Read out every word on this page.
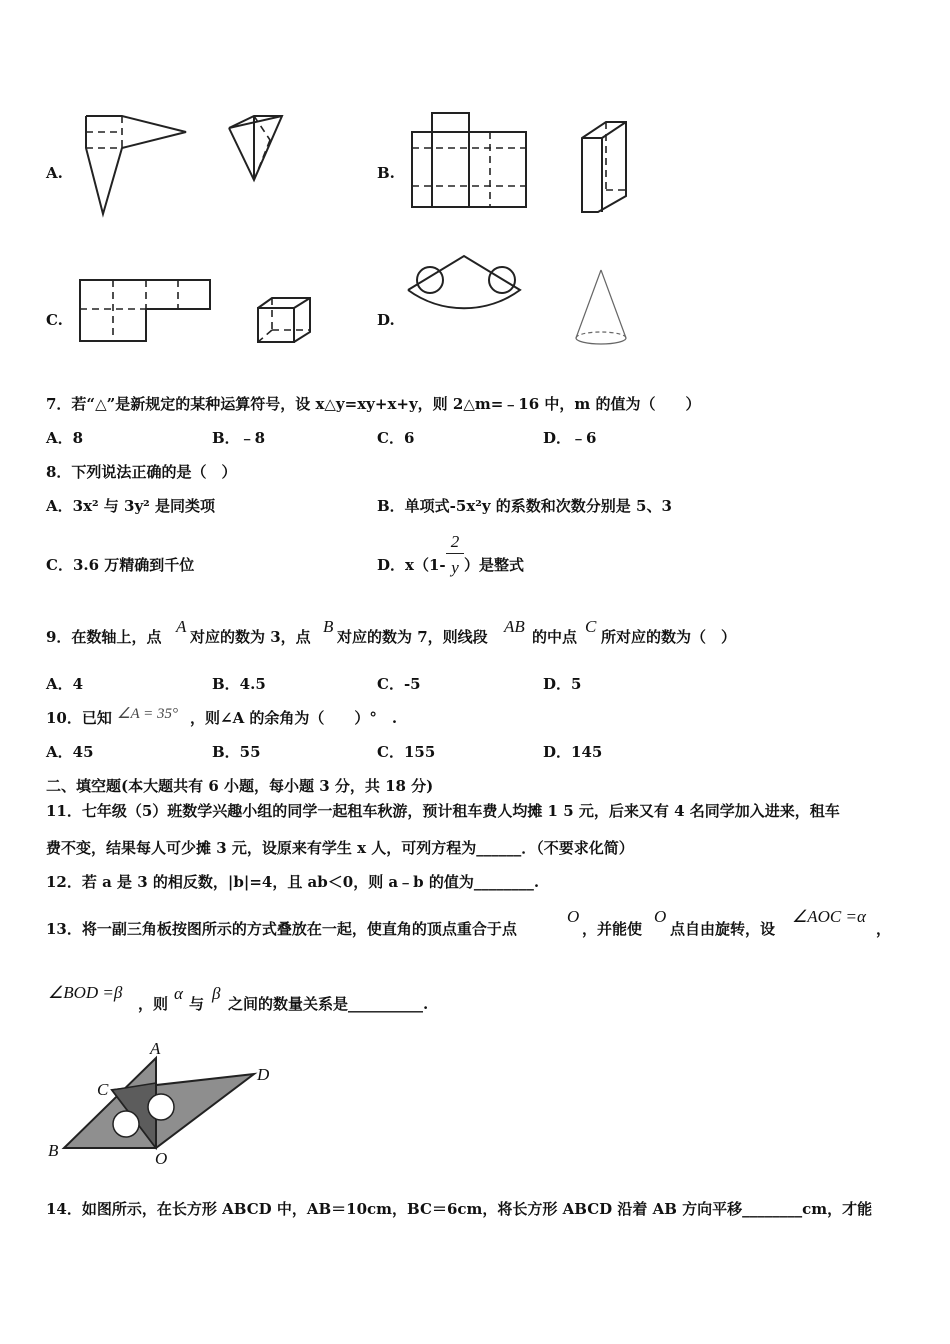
A.	B.
C.	D.
7．若“△”是新规定的某种运算符号，设 x△y=xy+x+y，则 2△m=﹣16 中，m 的值为（　　）
A．8	B．﹣8	C．6	D．﹣6
8．下列说法正确的是（　）
A．3x² 与 3y² 是同类项	B．单项式-5x²y 的系数和次数分别是 5、3
C．3.6 万精确到千位	D．x（1-
2
y ）是整式
9．在数轴上，点
A
对应的数为 3，点
B
对应的数为 7，则线段
AB
的中点
C
所对应的数为（　）
A．4	B．4.5	C．-5	D．5
10．已知 ∠A = 35° ，则∠A 的余角为（　　）°　.
A．45	B．55	C．155	D．145
二、填空题(本大题共有 6 小题，每小题 3 分，共 18 分)
11．七年级（5）班数学兴趣小组的同学一起租车秋游，预计租车费人均摊 1 5 元，后来又有 4 名同学加入进来，租车
费不变，结果每人可少摊 3 元，设原来有学生 x 人，可列方程为______．（不要求化简）
12．若 a 是 3 的相反数，|b|=4，且 ab＜0，则 a﹣b 的值为________.
13．将一副三角板按图所示的方式叠放在一起，使直角的顶点重合于点
O
，并能使
O
点自由旋转，设
∠AOC =α
，
∠BOD =β
，则
α
与
β
之间的数量关系是__________.
A
B
C
D
O
14．如图所示，在长方形 ABCD 中，AB＝10cm，BC＝6cm，将长方形 ABCD 沿着 AB 方向平移________cm，才能
